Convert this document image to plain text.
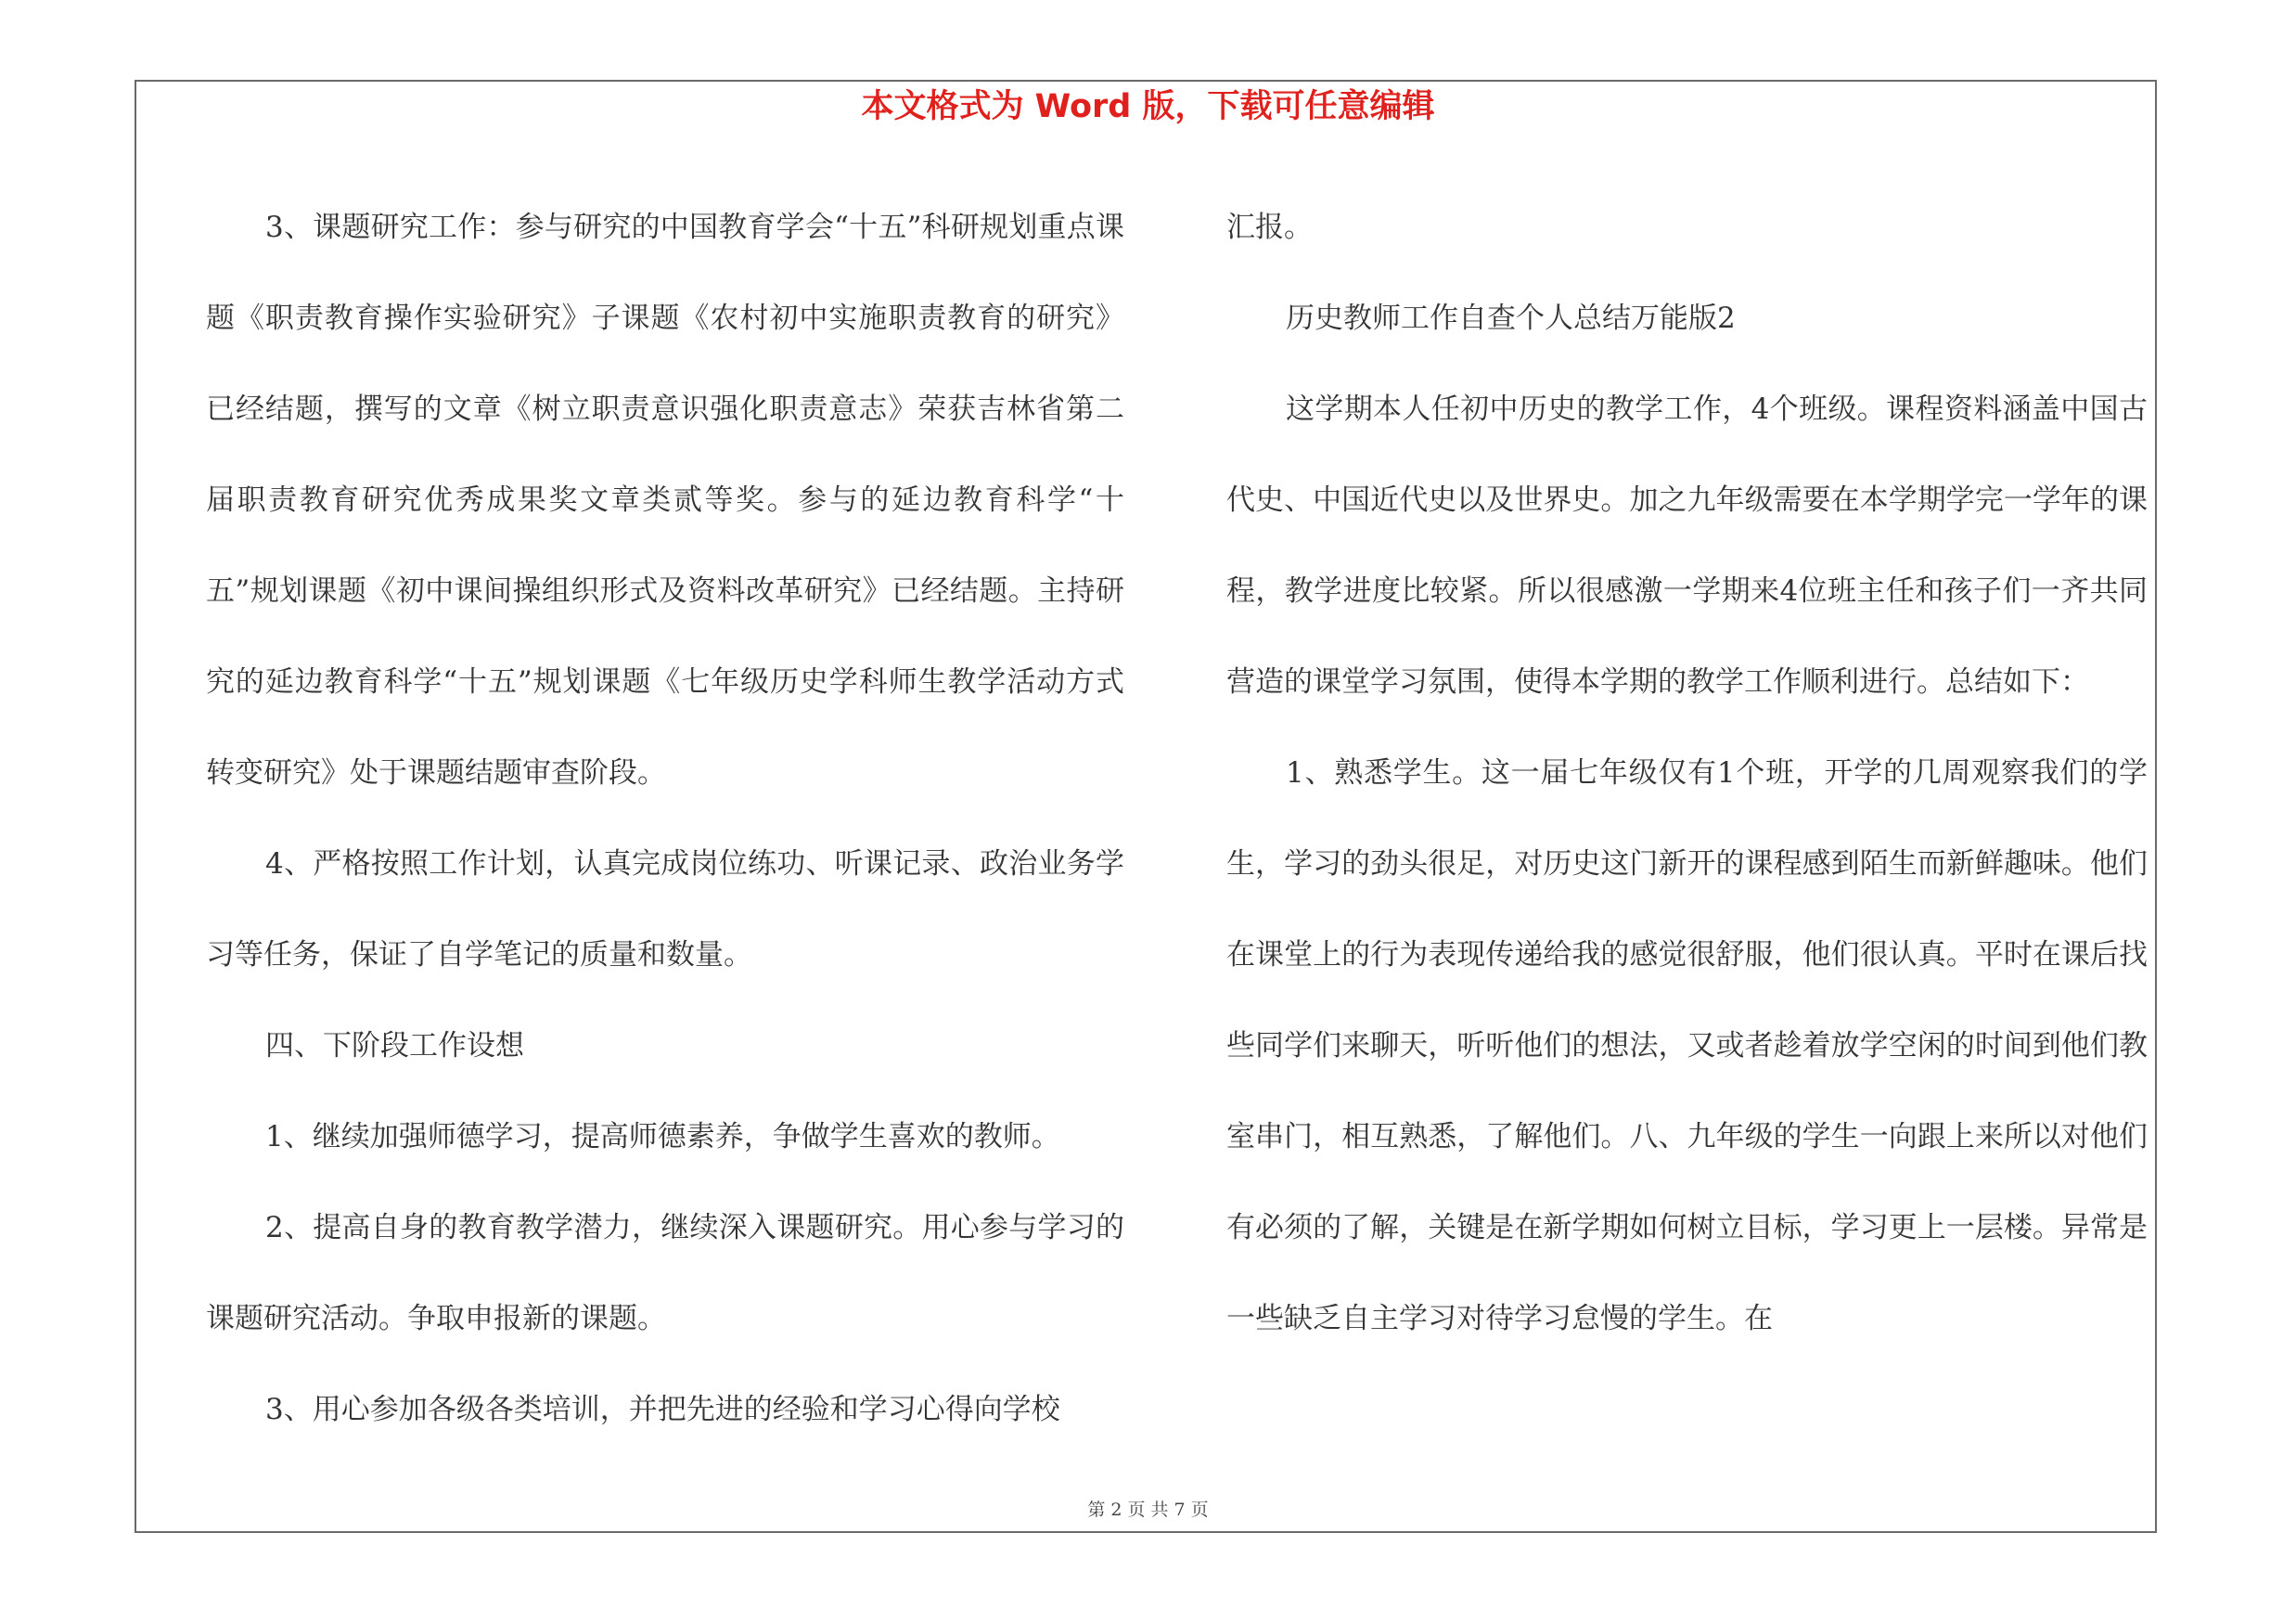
本文格式为 Word 版，下载可任意编辑

3、课题研究工作：参与研究的中国教育学会“十五”科研规划重点课题《职责教育操作实验研究》子课题《农村初中实施职责教育的研究》已经结题，撰写的文章《树立职责意识强化职责意志》荣获吉林省第二届职责教育研究优秀成果奖文章类贰等奖。参与的延边教育科学“十五”规划课题《初中课间操组织形式及资料改革研究》已经结题。主持研究的延边教育科学“十五”规划课题《七年级历史学科师生教学活动方式转变研究》处于课题结题审查阶段。

4、严格按照工作计划，认真完成岗位练功、听课记录、政治业务学习等任务，保证了自学笔记的质量和数量。

四、下阶段工作设想

1、继续加强师德学习，提高师德素养，争做学生喜欢的教师。

2、提高自身的教育教学潜力，继续深入课题研究。用心参与学习的课题研究活动。争取申报新的课题。

3、用心参加各级各类培训，并把先进的经验和学习心得向学校

汇报。

历史教师工作自查个人总结万能版2

这学期本人任初中历史的教学工作，4个班级。课程资料涵盖中国古代史、中国近代史以及世界史。加之九年级需要在本学期学完一学年的课程，教学进度比较紧。所以很感激一学期来4位班主任和孩子们一齐共同营造的课堂学习氛围，使得本学期的教学工作顺利进行。总结如下：

1、熟悉学生。这一届七年级仅有1个班，开学的几周观察我们的学生，学习的劲头很足，对历史这门新开的课程感到陌生而新鲜趣味。他们在课堂上的行为表现传递给我的感觉很舒服，他们很认真。平时在课后找些同学们来聊天，听听他们的想法，又或者趁着放学空闲的时间到他们教室串门，相互熟悉，了解他们。八、九年级的学生一向跟上来所以对他们有必须的了解，关键是在新学期如何树立目标，学习更上一层楼。异常是一些缺乏自主学习对待学习怠慢的学生。在

第 2 页 共 7 页
